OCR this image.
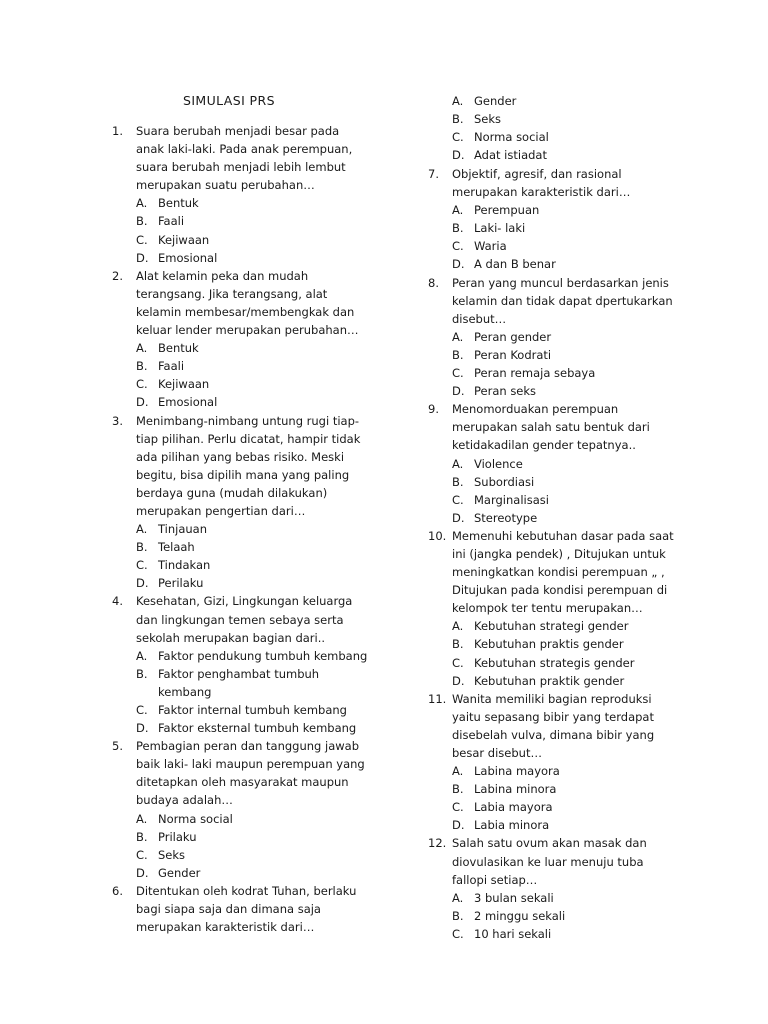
SIMULASI PRS
1.	Suara berubah menjadi besar pada anak laki-laki. Pada anak perempuan, suara berubah menjadi lebih lembut merupakan suatu perubahan…
A. Bentuk
B. Faali
C. Kejiwaan
D. Emosional
2.	Alat kelamin peka dan mudah terangsang. Jika terangsang, alat kelamin membesar/membengkak dan keluar lender merupakan perubahan…
A. Bentuk
B. Faali
C. Kejiwaan
D. Emosional
3.	Menimbang-nimbang untung rugi tiap-tiap pilihan. Perlu dicatat, hampir tidak ada pilihan yang bebas risiko. Meski begitu, bisa dipilih mana yang paling berdaya guna (mudah dilakukan) merupakan pengertian dari…
A. Tinjauan
B. Telaah
C. Tindakan
D. Perilaku
4.	Kesehatan, Gizi, Lingkungan keluarga dan lingkungan temen sebaya serta sekolah merupakan bagian dari..
A. Faktor pendukung tumbuh kembang
B. Faktor penghambat tumbuh kembang
C. Faktor internal tumbuh kembang
D. Faktor eksternal tumbuh kembang
5.	Pembagian peran dan tanggung jawab baik laki- laki maupun perempuan yang ditetapkan oleh masyarakat maupun budaya adalah…
A. Norma social
B. Prilaku
C. Seks
D. Gender
6.	Ditentukan oleh kodrat Tuhan, berlaku bagi siapa saja dan dimana saja merupakan karakteristik dari…
A. Gender
B. Seks
C. Norma social
D. Adat istiadat
7.	Objektif, agresif, dan rasional merupakan karakteristik dari…
A. Perempuan
B. Laki- laki
C. Waria
D. A dan B benar
8.	Peran yang muncul berdasarkan jenis kelamin dan tidak dapat dpertukarkan disebut…
A. Peran gender
B. Peran Kodrati
C. Peran remaja sebaya
D. Peran seks
9.	Menomorduakan perempuan merupakan salah satu bentuk dari ketidakadilan gender tepatnya..
A. Violence
B. Subordiasi
C. Marginalisasi
D. Stereotype
10. Memenuhi kebutuhan dasar pada saat ini (jangka pendek) , Ditujukan untuk meningkatkan kondisi perempuan „ , Ditujukan pada kondisi perempuan di kelompok ter tentu merupakan…
A. Kebutuhan strategi gender
B. Kebutuhan praktis gender
C. Kebutuhan strategis gender
D. Kebutuhan praktik gender
11. Wanita memiliki bagian reproduksi yaitu sepasang bibir yang terdapat disebelah vulva, dimana bibir yang besar disebut…
A. Labina mayora
B. Labina minora
C. Labia mayora
D. Labia minora
12. Salah satu ovum akan masak dan diovulasikan ke luar menuju tuba fallopi setiap…
A. 3 bulan sekali
B. 2 minggu sekali
C. 10 hari sekali
